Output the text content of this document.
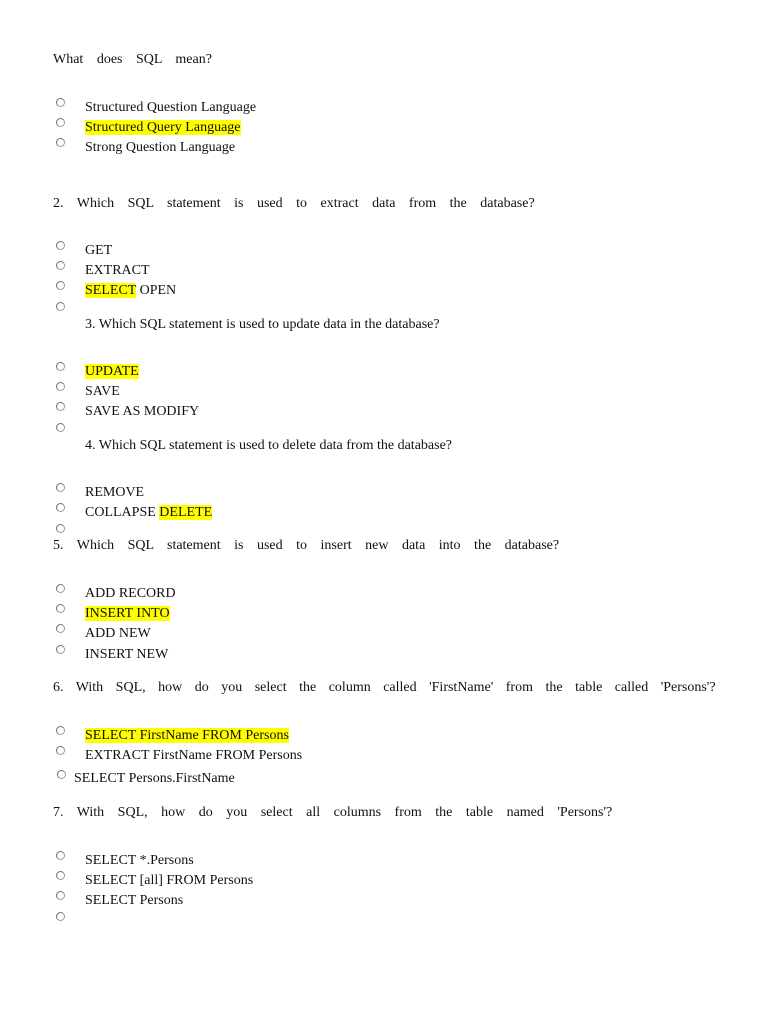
What does SQL mean?
Structured Question Language
Structured Query Language
Strong Question Language
2. Which SQL statement is used to extract data from the database?
GET
EXTRACT
SELECT OPEN
3. Which SQL statement is used to update data in the database?
UPDATE
SAVE
SAVE AS MODIFY
4. Which SQL statement is used to delete data from the database?
REMOVE
COLLAPSE DELETE
5. Which SQL statement is used to insert new data into the database?
ADD RECORD
INSERT INTO
ADD NEW
INSERT NEW
6. With SQL, how do you select the column called 'FirstName' from the table called 'Persons'?
SELECT FirstName FROM Persons
EXTRACT FirstName FROM Persons
SELECT Persons.FirstName
7. With SQL, how do you select all columns from the table named 'Persons'?
SELECT *.Persons
SELECT [all] FROM Persons
SELECT Persons
